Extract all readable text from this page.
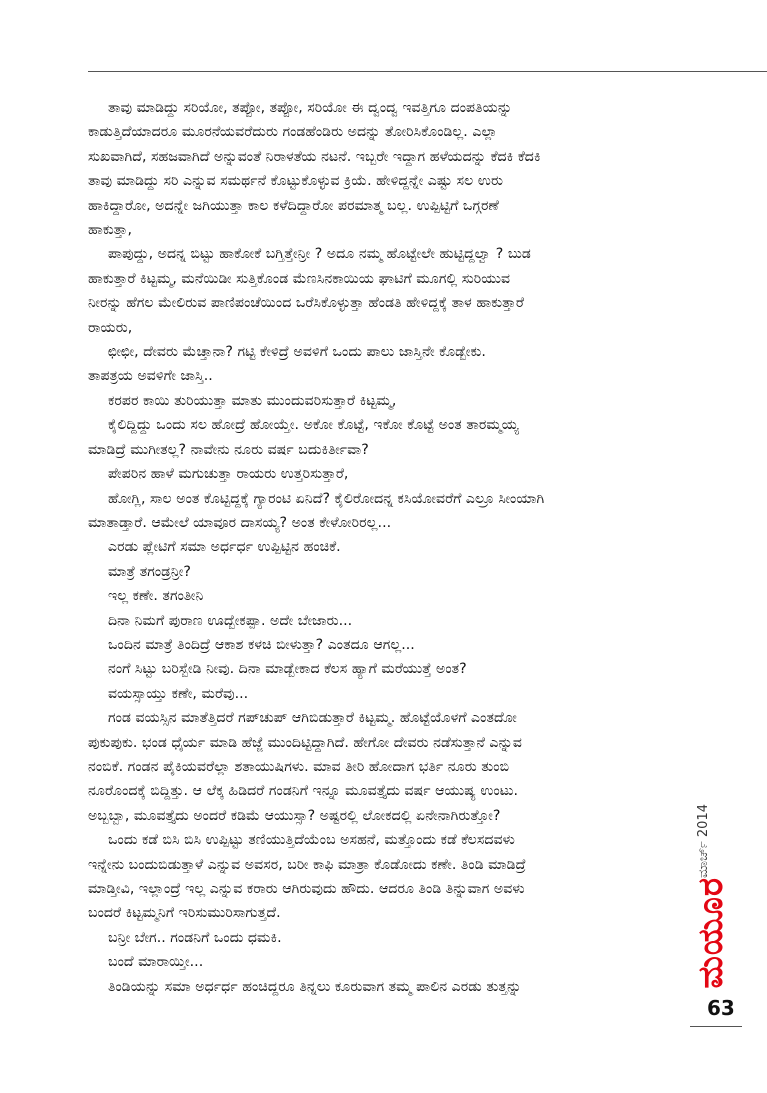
ತಾವು ಮಾಡಿದ್ದು ಸರಿಯೋ, ತಪ್ಪೋ, ತಪ್ಪೋ, ಸರಿಯೋ ಈ ದ್ವಂದ್ವ ಇವತ್ತಿಗೂ ದಂಪತಿಯನ್ನು

ಕಾಡುತ್ತಿದೆಯಾದರೂ ಮೂರನೆಯವರೆದುರು ಗಂಡಹೆಂಡಿರು ಅದನ್ನು ತೋರಿಸಿಕೊಂಡಿಲ್ಲ. ಎಲ್ಲಾ

ಸುಖವಾಗಿದೆ, ಸಹಜವಾಗಿದೆ ಅನ್ನುವಂತೆ ನಿರಾಳತೆಯ ನಟನೆ. ಇಬ್ಬರೇ ಇದ್ದಾಗ ಹಳೆಯದನ್ನು ಕೆದಕಿ ಕೆದಕಿ

ತಾವು ಮಾಡಿದ್ದು ಸರಿ ಎನ್ನುವ ಸಮರ್ಥನೆ ಕೊಟ್ಟುಕೊಳ್ಳುವ ಕ್ರಿಯೆ. ಹೇಳಿದ್ದನ್ನೇ ಎಷ್ಟು ಸಲ ಉರು

ಹಾಕಿದ್ದಾರೋ, ಅದನ್ನೇ ಜಗಿಯುತ್ತಾ ಕಾಲ ಕಳೆದಿದ್ದಾರೋ ಪರಮಾತ್ಮ ಬಲ್ಲ. ಉಪ್ಪಿಟ್ಟಿಗೆ ಒಗ್ಗರಣೆ

ಹಾಕುತ್ತಾ,

ಪಾಪುದ್ದು, ಅದನ್ನ ಬಿಟ್ಟು ಹಾಕೋಕೆ ಬಗ್ತಿತ್ತೇನ್ರೀ ? ಅದೂ ನಮ್ಮ ಹೊಟ್ಟೇಲೇ ಹುಟ್ಟಿದ್ದಲ್ವಾ ? ಬುಡ

ಹಾಕುತ್ತಾರೆ ಕಿಟ್ಟಮ್ಮ, ಮನೆಯಿಡೀ ಸುತ್ತಿಕೊಂಡ ಮೆಣಸಿನಕಾಯಿಯ ಘಾಟಿಗೆ ಮೂಗಲ್ಲಿ ಸುರಿಯುವ

ನೀರನ್ನು ಹೆಗಲ ಮೇಲಿರುವ ಪಾಣಿಪಂಚೆಯಿಂದ ಒರೆಸಿಕೊಳ್ಳುತ್ತಾ ಹೆಂಡತಿ ಹೇಳಿದ್ದಕ್ಕೆ ತಾಳ ಹಾಕುತ್ತಾರೆ

ರಾಯರು,

ಛೀಛೀ, ದೇವರು ಮೆಚ್ತಾನಾ? ಗಟ್ಟಿ ಕೇಳಿದ್ರೆ ಅವಳಿಗೆ ಒಂದು ಪಾಲು ಜಾಸ್ತಿನೇ ಕೊಡ್ಬೇಕು.

ತಾಪತ್ರಯ ಅವಳಿಗೇ ಜಾಸ್ತಿ..

ಕರಪರ ಕಾಯಿ ತುರಿಯುತ್ತಾ ಮಾತು ಮುಂದುವರಿಸುತ್ತಾರೆ ಕಿಟ್ಟಮ್ಮ,

ಕೈಲಿದ್ದಿದ್ದು ಒಂದು ಸಲ ಹೋದ್ರೆ ಹೋಯ್ತೇ. ಅಕೋ ಕೊಟ್ಟೆ, ಇಕೋ ಕೊಟ್ಟೆ ಅಂತ ತಾರಮ್ಮಯ್ಯ

ಮಾಡಿದ್ರೆ ಮುಗೀತಲ್ಲ? ನಾವೇನು ನೂರು ವರ್ಷ ಬದುಕಿರ್ತೀವಾ?

ಪೇಪರಿನ ಹಾಳೆ ಮಗುಚುತ್ತಾ ರಾಯರು ಉತ್ತರಿಸುತ್ತಾರೆ,

ಹೋಗ್ಲಿ, ಸಾಲ ಅಂತ ಕೊಟ್ಟಿದ್ದಕ್ಕೆ ಗ್ಯಾರಂಟಿ ಏನಿದೆ? ಕೈಲಿರೋದನ್ನ ಕಸಿಯೋವರೆಗೆ ಎಲ್ರೂ ಸೀಂಯಾಗಿ

ಮಾತಾಡ್ತಾರೆ. ಆಮೇಲೆ ಯಾವೂರ ದಾಸಯ್ಯ? ಅಂತ ಕೇಳೋರಿರಲ್ಲ...

ಎರಡು ಪ್ಲೇಟಿಗೆ ಸಮಾ ಅರ್ಧರ್ಧ ಉಪ್ಪಿಟ್ಟಿನ ಹಂಚಿಕೆ.

ಮಾತ್ರೆ ತಗಂಡ್ರನ್ರೀ?

ಇಲ್ಲ ಕಣೇ. ತಗಂತೀನಿ

ದಿನಾ ನಿಮಗೆ ಪುರಾಣ ಊದ್ಬೇಕಪ್ಪಾ. ಅದೇ ಬೇಜಾರು...

ಒಂದಿನ ಮಾತ್ರೆ ತಿಂದಿದ್ರೆ ಆಕಾಶ ಕಳಚಿ ಬೀಳುತ್ತಾ? ಎಂತದೂ ಆಗಲ್ಲ...

ನಂಗೆ ಸಿಟ್ಟು ಬರಿಸ್ಬೇಡಿ ನೀವು. ದಿನಾ ಮಾಡ್ಬೇಕಾದ ಕೆಲಸ ಹ್ಯಾಗೆ ಮರೆಯುತ್ತೆ ಅಂತ?

ವಯಸ್ಸಾಯ್ತು ಕಣೇ, ಮರೆವು...

ಗಂಡ ವಯಸ್ಸಿನ ಮಾತೆತ್ತಿದರೆ ಗಪ್‌ಚುಪ್ ಆಗಿಬಿಡುತ್ತಾರೆ ಕಿಟ್ಟಮ್ಮ. ಹೊಟ್ಟೆಯೊಳಗೆ ಎಂತದೋ

ಪುಕುಪುಕು. ಭಂಡ ಧೈರ್ಯ ಮಾಡಿ ಹೆಜ್ಜೆ ಮುಂದಿಟ್ಟಿದ್ದಾಗಿದೆ. ಹೇಗೋ ದೇವರು ನಡೆಸುತ್ತಾನೆ ಎನ್ನುವ

ನಂಬಿಕೆ. ಗಂಡನ ಪೈಕಿಯವರೆಲ್ಲಾ ಶತಾಯುಷಿಗಳು. ಮಾವ ತೀರಿ ಹೋದಾಗ ಭರ್ತಿ ನೂರು ತುಂಬಿ

ನೂರೊಂದಕ್ಕೆ ಬಿದ್ದಿತ್ತು. ಆ ಲೆಕ್ಕ ಹಿಡಿದರೆ ಗಂಡನಿಗೆ ಇನ್ನೂ ಮೂವತ್ತೈದು ವರ್ಷ ಆಯುಷ್ಯ ಉಂಟು.

ಅಬ್ಬಬ್ಬಾ, ಮೂವತ್ತೈದು ಅಂದರೆ ಕಡಿಮೆ ಆಯುಸ್ಸಾ? ಅಷ್ಟರಲ್ಲಿ ಲೋಕದಲ್ಲಿ ಏನೇನಾಗಿರುತ್ತೋ?

ಒಂದು ಕಡೆ ಬಿಸಿ ಬಿಸಿ ಉಪ್ಪಿಟ್ಟು ತಣಿಯುತ್ತಿದೆಯೆಂಬ ಅಸಹನೆ, ಮತ್ತೊಂದು ಕಡೆ ಕೆಲಸದವಳು

ಇನ್ನೇನು ಬಂದುಬಿಡುತ್ತಾಳೆ ಎನ್ನುವ ಅವಸರ, ಬರೀ ಕಾಫಿ ಮಾತ್ರಾ ಕೊಡೋದು ಕಣೇ. ತಿಂಡಿ ಮಾಡಿದ್ರೆ

ಮಾಡ್ತೀವಿ, ಇಲ್ಲಾಂದ್ರೆ ಇಲ್ಲ ಎನ್ನುವ ಕರಾರು ಆಗಿರುವುದು ಹೌದು. ಆದರೂ ತಿಂಡಿ ತಿನ್ನುವಾಗ ಅವಳು

ಬಂದರೆ ಕಿಟ್ಟಮ್ಮನಿಗೆ ಇರಿಸುಮುರಿಸಾಗುತ್ತದೆ.

ಬನ್ರೀ ಬೇಗ.. ಗಂಡನಿಗೆ ಒಂದು ಧಮಕಿ.

ಬಂದೆ ಮಾರಾಯ್ತೀ...

ತಿಂಡಿಯನ್ನು ಸಮಾ ಅರ್ಧರ್ಧ ಹಂಚಿದ್ದರೂ ತಿನ್ನಲು ಕೂರುವಾಗ ತಮ್ಮ ಪಾಲಿನ ಎರಡು ತುತ್ತನ್ನು

ಮಾರ್ಚ್ 2014
ಮಯೂರ
63
